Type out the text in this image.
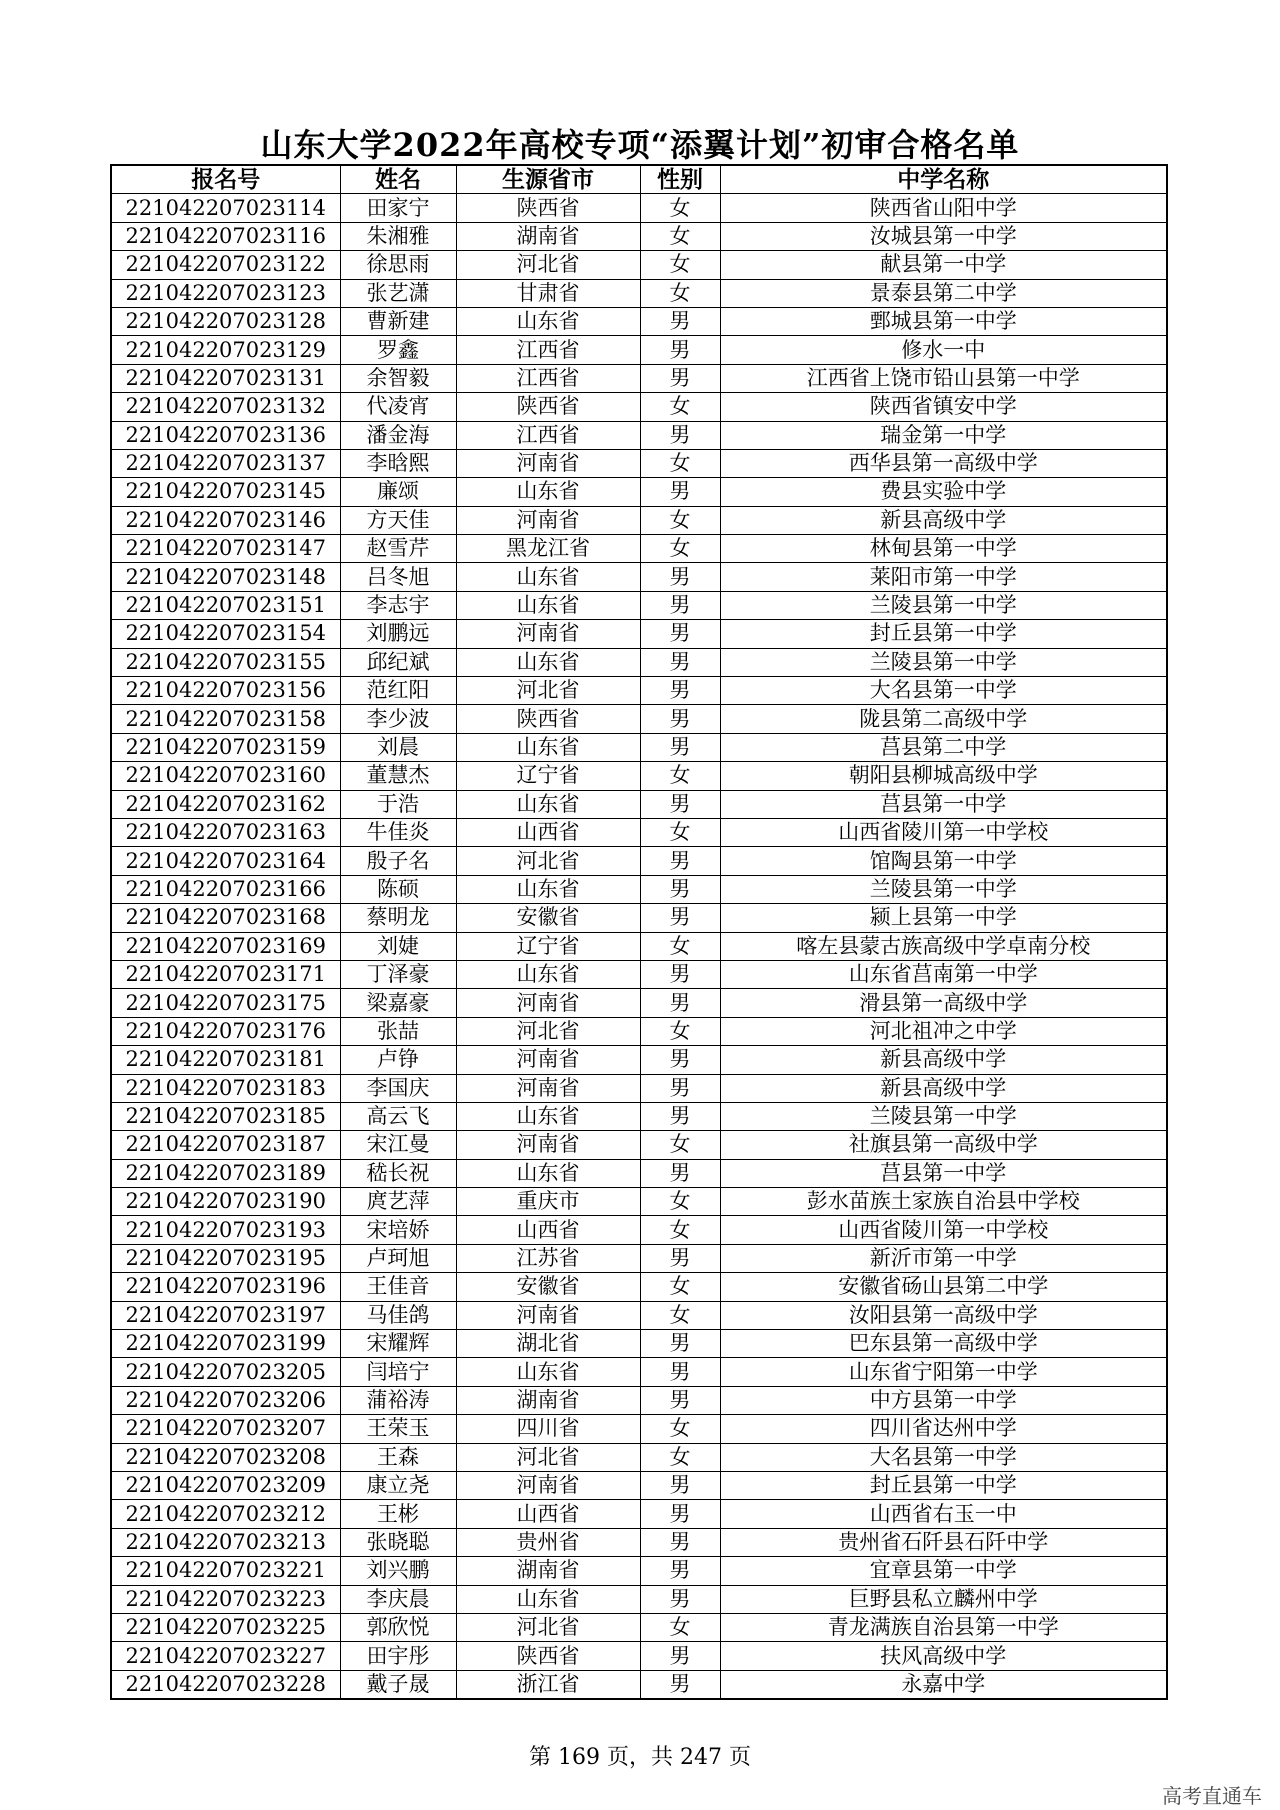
山东大学2022年高校专项“添翼计划”初审合格名单
报名号	姓名	生源省市	性别	中学名称
221042207023114	田家宁	陕西省	女	陕西省山阳中学
221042207023116	朱湘雅	湖南省	女	汝城县第一中学
221042207023122	徐思雨	河北省	女	献县第一中学
221042207023123	张艺潇	甘肃省	女	景泰县第二中学
221042207023128	曹新建	山东省	男	鄄城县第一中学
221042207023129	罗鑫	江西省	男	修水一中
221042207023131	余智毅	江西省	男	江西省上饶市铅山县第一中学
221042207023132	代凌宵	陕西省	女	陕西省镇安中学
221042207023136	潘金海	江西省	男	瑞金第一中学
221042207023137	李晗熙	河南省	女	西华县第一高级中学
221042207023145	廉颂	山东省	男	费县实验中学
221042207023146	方天佳	河南省	女	新县高级中学
221042207023147	赵雪芹	黑龙江省	女	林甸县第一中学
221042207023148	吕冬旭	山东省	男	莱阳市第一中学
221042207023151	李志宇	山东省	男	兰陵县第一中学
221042207023154	刘鹏远	河南省	男	封丘县第一中学
221042207023155	邱纪斌	山东省	男	兰陵县第一中学
221042207023156	范红阳	河北省	男	大名县第一中学
221042207023158	李少波	陕西省	男	陇县第二高级中学
221042207023159	刘晨	山东省	男	莒县第二中学
221042207023160	董慧杰	辽宁省	女	朝阳县柳城高级中学
221042207023162	于浩	山东省	男	莒县第一中学
221042207023163	牛佳炎	山西省	女	山西省陵川第一中学校
221042207023164	殷子名	河北省	男	馆陶县第一中学
221042207023166	陈硕	山东省	男	兰陵县第一中学
221042207023168	蔡明龙	安徽省	男	颍上县第一中学
221042207023169	刘婕	辽宁省	女	喀左县蒙古族高级中学卓南分校
221042207023171	丁泽豪	山东省	男	山东省莒南第一中学
221042207023175	梁嘉豪	河南省	男	滑县第一高级中学
221042207023176	张喆	河北省	女	河北祖冲之中学
221042207023181	卢铮	河南省	男	新县高级中学
221042207023183	李国庆	河南省	男	新县高级中学
221042207023185	高云飞	山东省	男	兰陵县第一中学
221042207023187	宋江曼	河南省	女	社旗县第一高级中学
221042207023189	嵇长祝	山东省	男	莒县第一中学
221042207023190	庹艺萍	重庆市	女	彭水苗族土家族自治县中学校
221042207023193	宋培娇	山西省	女	山西省陵川第一中学校
221042207023195	卢珂旭	江苏省	男	新沂市第一中学
221042207023196	王佳音	安徽省	女	安徽省砀山县第二中学
221042207023197	马佳鸽	河南省	女	汝阳县第一高级中学
221042207023199	宋耀辉	湖北省	男	巴东县第一高级中学
221042207023205	闫培宁	山东省	男	山东省宁阳第一中学
221042207023206	蒲裕涛	湖南省	男	中方县第一中学
221042207023207	王荣玉	四川省	女	四川省达州中学
221042207023208	王森	河北省	女	大名县第一中学
221042207023209	康立尧	河南省	男	封丘县第一中学
221042207023212	王彬	山西省	男	山西省右玉一中
221042207023213	张晓聪	贵州省	男	贵州省石阡县石阡中学
221042207023221	刘兴鹏	湖南省	男	宜章县第一中学
221042207023223	李庆晨	山东省	男	巨野县私立麟州中学
221042207023225	郭欣悦	河北省	女	青龙满族自治县第一中学
221042207023227	田宇彤	陕西省	男	扶风高级中学
221042207023228	戴子晟	浙江省	男	永嘉中学
第 169 页，共 247 页
高考直通车
